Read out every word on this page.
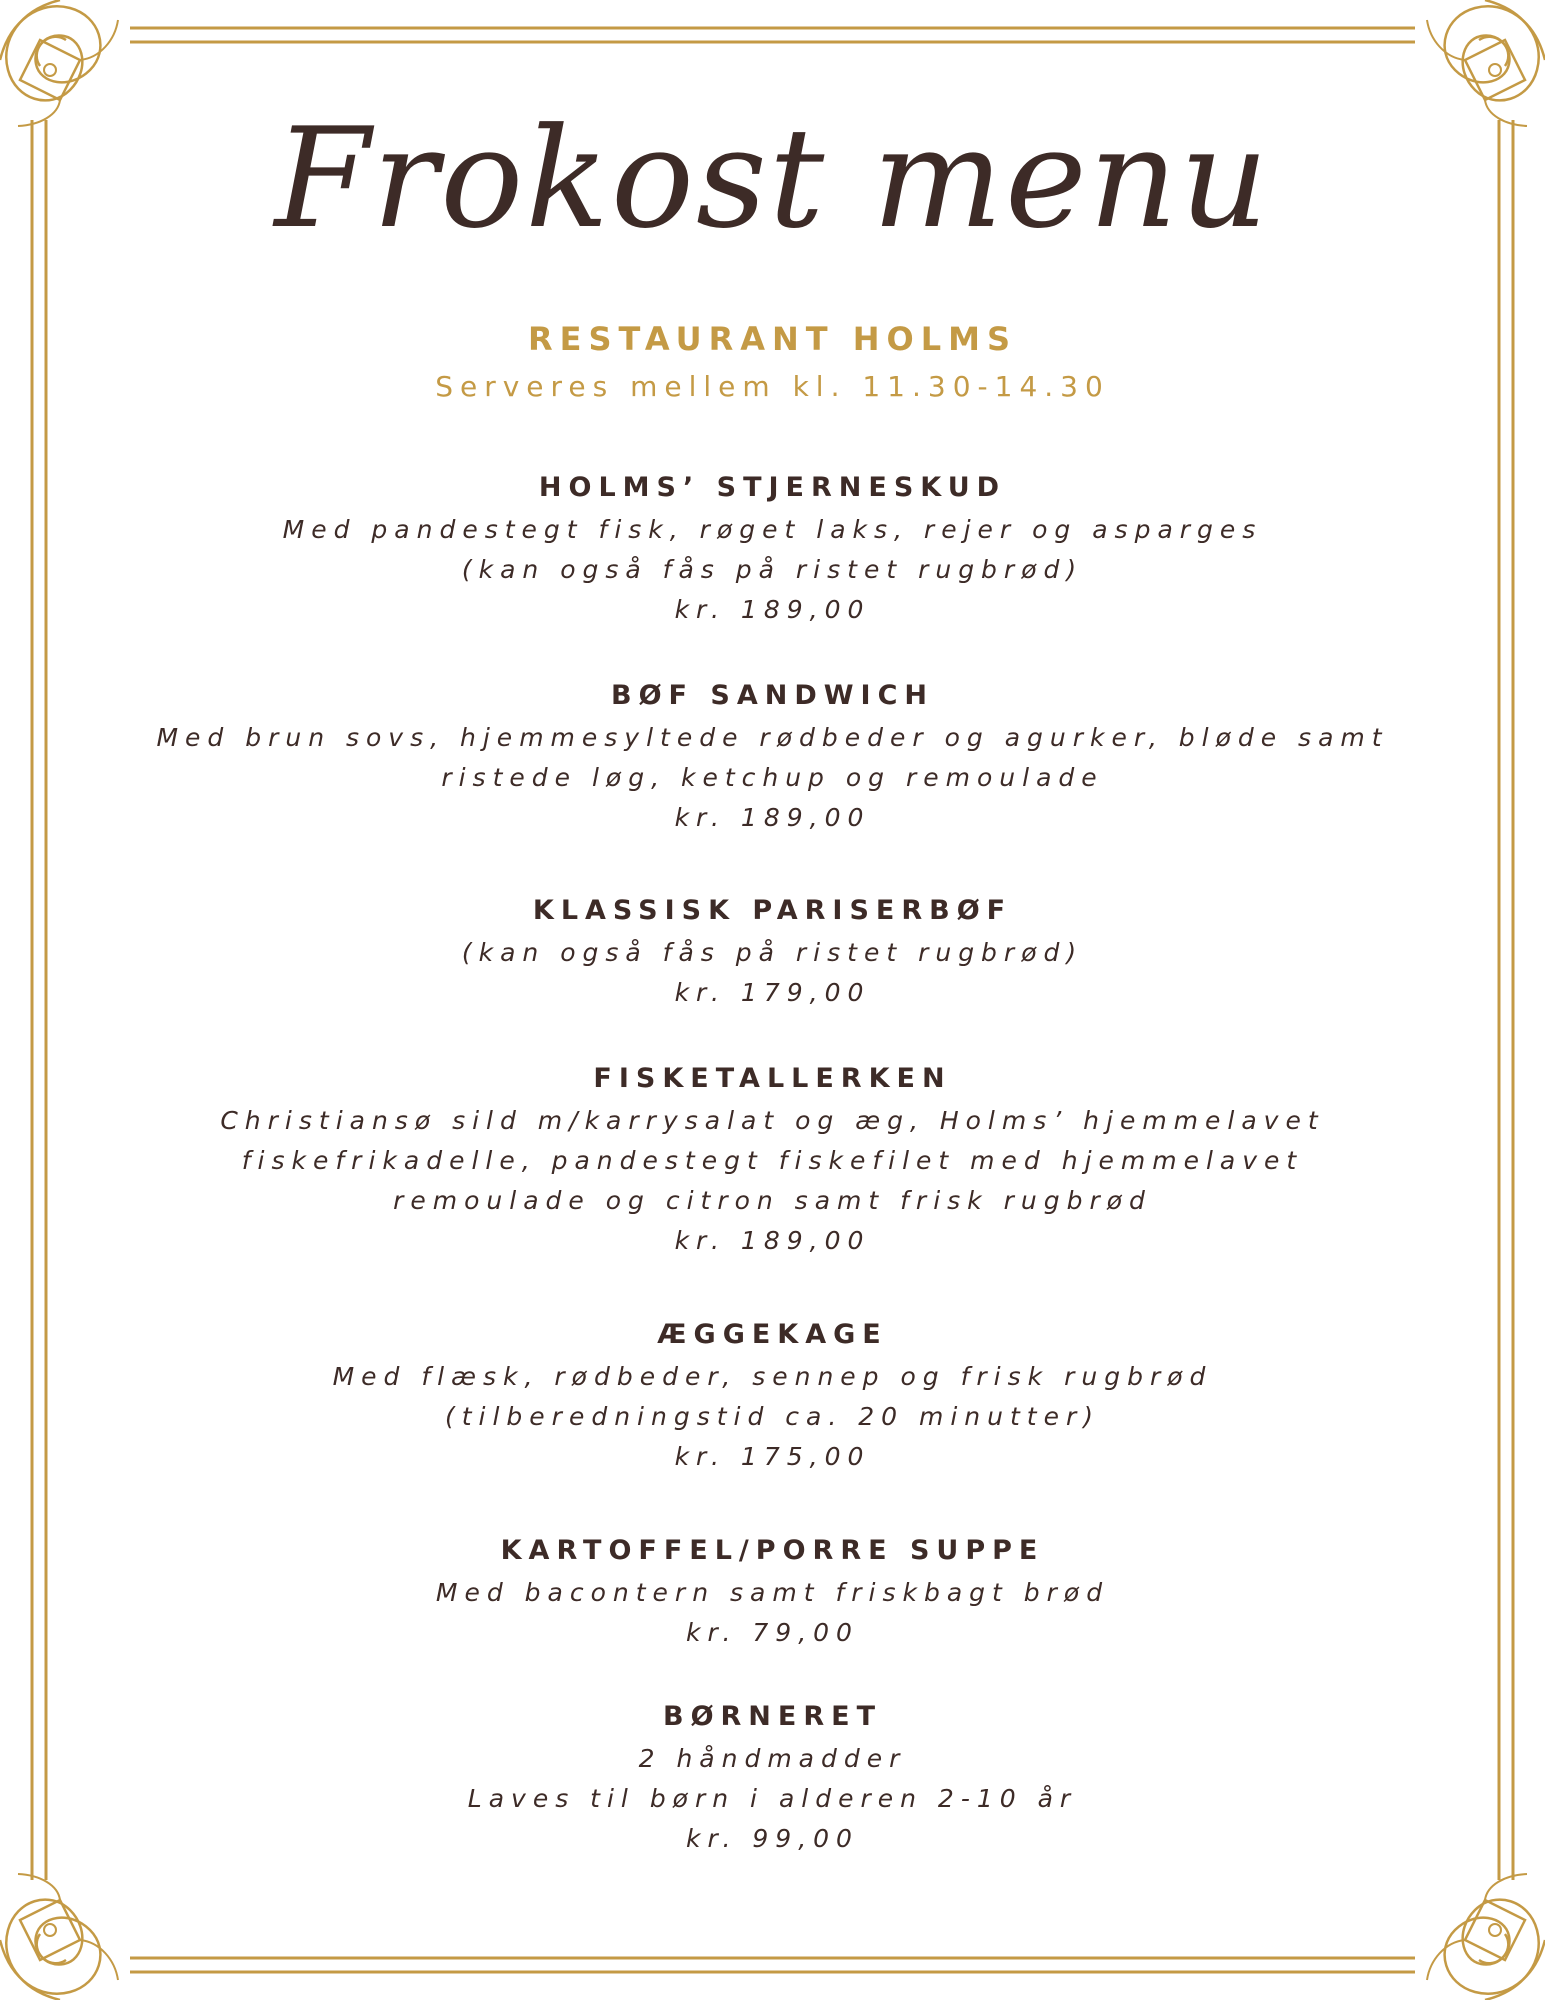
Frokost menu
RESTAURANT HOLMS
Serveres mellem kl. 11.30-14.30
HOLMS’ STJERNESKUD
Med pandestegt fisk, røget laks, rejer og asparges
(kan også fås på ristet rugbrød)
kr. 189,00
BØF SANDWICH
Med brun sovs, hjemmesyltede rødbeder og agurker, bløde samt
ristede løg, ketchup og remoulade
kr. 189,00
KLASSISK PARISERBØF
(kan også fås på ristet rugbrød)
kr. 179,00
FISKETALLERKEN
Christiansø sild m/karrysalat og æg, Holms’ hjemmelavet
fiskefrikadelle, pandestegt fiskefilet med hjemmelavet
remoulade og citron samt frisk rugbrød
kr. 189,00
ÆGGEKAGE
Med flæsk, rødbeder, sennep og frisk rugbrød
(tilberedningstid ca. 20 minutter)
kr. 175,00
KARTOFFEL/PORRE SUPPE
Med bacontern samt friskbagt brød
kr. 79,00
BØRNERET
2 håndmadder
Laves til børn i alderen 2-10 år
kr. 99,00
